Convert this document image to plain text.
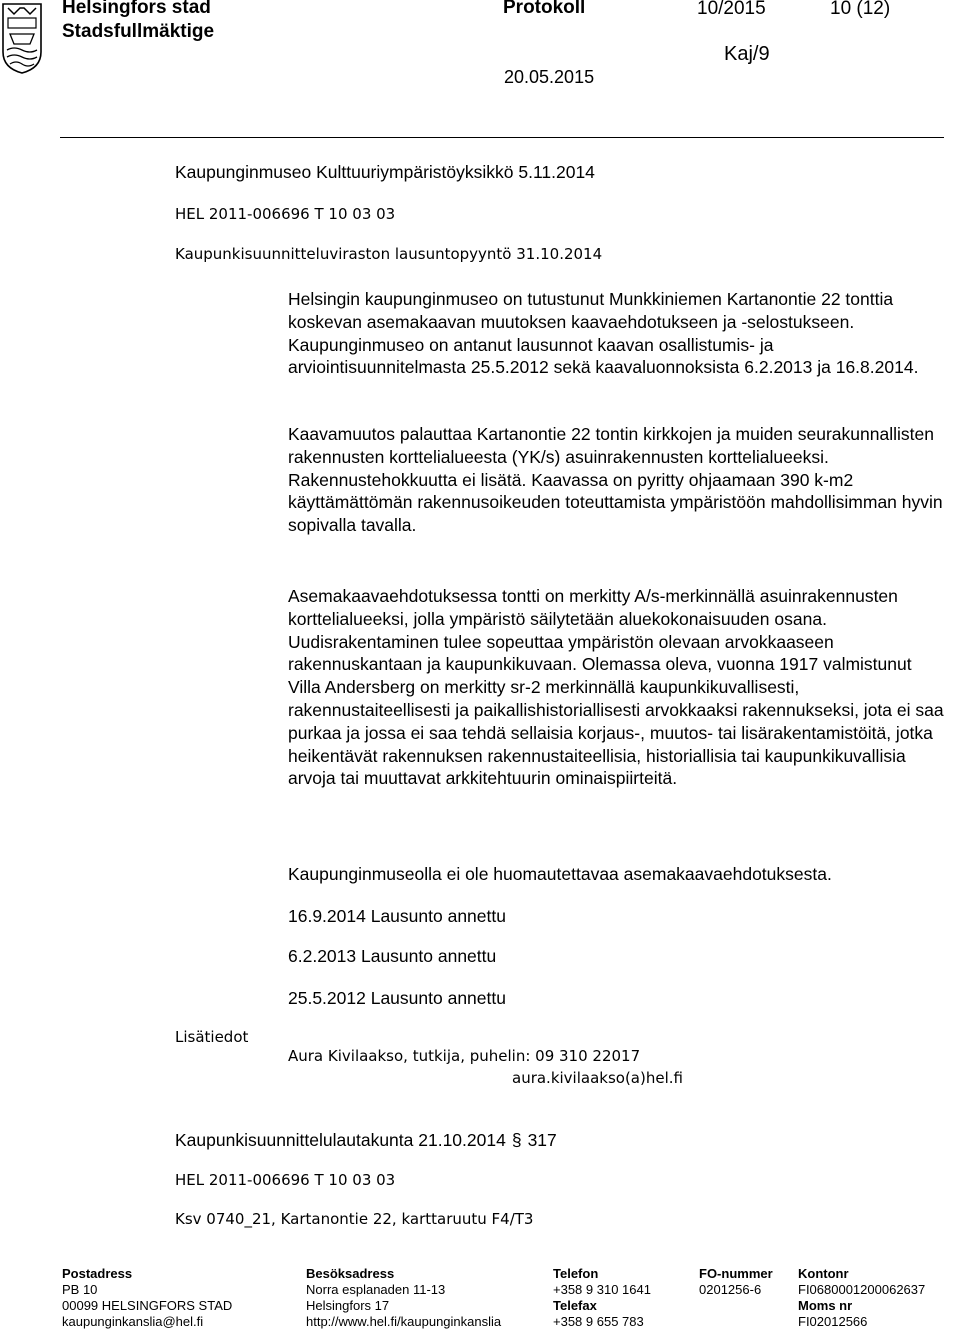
Helsingfors stad
Stadsfullmäktige
Protokoll	10/2015	10 (12)
20.05.2015
Kaj/9
Kaupunginmuseo Kulttuuriympäristöyksikkö 5.11.2014
HEL 2011-006696 T 10 03 03
Kaupunkisuunnitteluviraston lausuntopyyntö 31.10.2014

Helsingin kaupunginmuseo on tutustunut Munkkiniemen Kartanontie 22 tonttia koskevan asemakaavan muutoksen kaavaehdotukseen ja -selostukseen. Kaupunginmuseo on antanut lausunnot kaavan osallistumis- ja arviointisuunnitelmasta 25.5.2012 sekä kaavaluonnoksista 6.2.2013 ja 16.8.2014.

Kaavamuutos palauttaa Kartanontie 22 tontin kirkkojen ja muiden seurakunnallisten rakennusten korttelialueesta (YK/s) asuinrakennusten korttelialueeksi. Rakennustehokkuutta ei lisätä. Kaavassa on pyritty ohjaamaan 390 k-m2 käyttämättömän rakennusoikeuden toteuttamista ympäristöön mahdollisimman hyvin sopivalla tavalla.

Asemakaavaehdotuksessa tontti on merkitty A/s-merkinnällä asuinrakennusten korttelialueeksi, jolla ympäristö säilytetään aluekokonaisuuden osana. Uudisrakentaminen tulee sopeuttaa ympäristön olevaan arvokkaaseen rakennuskantaan ja kaupunkikuvaan. Olemassa oleva, vuonna 1917 valmistunut Villa Andersberg on merkitty sr-2 merkinnällä kaupunkikuvallisesti, rakennustaiteellisesti ja paikallishistoriallisesti arvokkaaksi rakennukseksi, jota ei saa purkaa ja jossa ei saa tehdä sellaisia korjaus-, muutos- tai lisärakentamistöitä, jotka heikentävät rakennuksen rakennustaiteellisia, historiallisia tai kaupunkikuvallisia arvoja tai muuttavat arkkitehtuurin ominaispiirteitä.

Kaupunginmuseolla ei ole huomautettavaa asemakaavaehdotuksesta.
16.9.2014 Lausunto annettu
6.2.2013 Lausunto annettu
25.5.2012 Lausunto annettu
Lisätiedot
Aura Kivilaakso, tutkija, puhelin: 09 310 22017
aura.kivilaakso(a)hel.fi
Kaupunkisuunnittelulautakunta 21.10.2014 § 317
HEL 2011-006696 T 10 03 03
Ksv 0740_21, Kartanontie 22, karttaruutu F4/T3
Postadress
PB 10
00099 HELSINGFORS STAD
kaupunginkanslia@hel.fi
Besöksadress
Norra esplanaden 11-13
Helsingfors 17
http://www.hel.fi/kaupunginkanslia
Telefon
+358 9 310 1641
Telefax
+358 9 655 783
FO-nummer
0201256-6
Kontonr
FI0680001200062637
Moms nr
FI02012566
